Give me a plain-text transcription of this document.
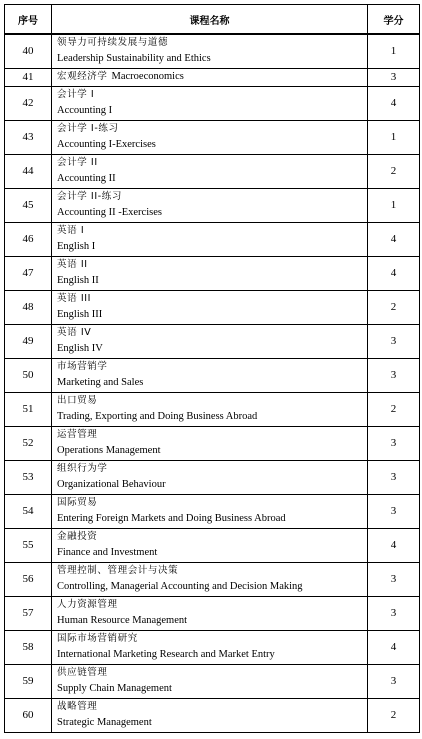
序号	课程名称	学分
40	领导力可持续发展与道德
Leadership Sustainability and Ethics	1
41	宏观经济学 Macroeconomics	3
42	会计学 I
Accounting I	4
43	会计学 I-练习
Accounting I-Exercises	1
44	会计学 II
Accounting II	2
45	会计学 II-练习
Accounting II -Exercises	1
46	英语 I
English I	4
47	英语 II
English II	4
48	英语 III
English III	2
49	英语 IV
English IV	3
50	市场营销学
Marketing and Sales	3
51	出口贸易
Trading, Exporting and Doing Business Abroad	2
52	运营管理
Operations Management	3
53	组织行为学
Organizational Behaviour	3
54	国际贸易
Entering Foreign Markets and Doing Business Abroad	3
55	金融投资
Finance and Investment	4
56	管理控制、管理会计与决策
Controlling, Managerial Accounting and Decision Making	3
57	人力资源管理
Human Resource Management	3
58	国际市场营销研究
International Marketing Research and Market Entry	4
59	供应链管理
Supply Chain Management	3
60	战略管理
Strategic Management	2
